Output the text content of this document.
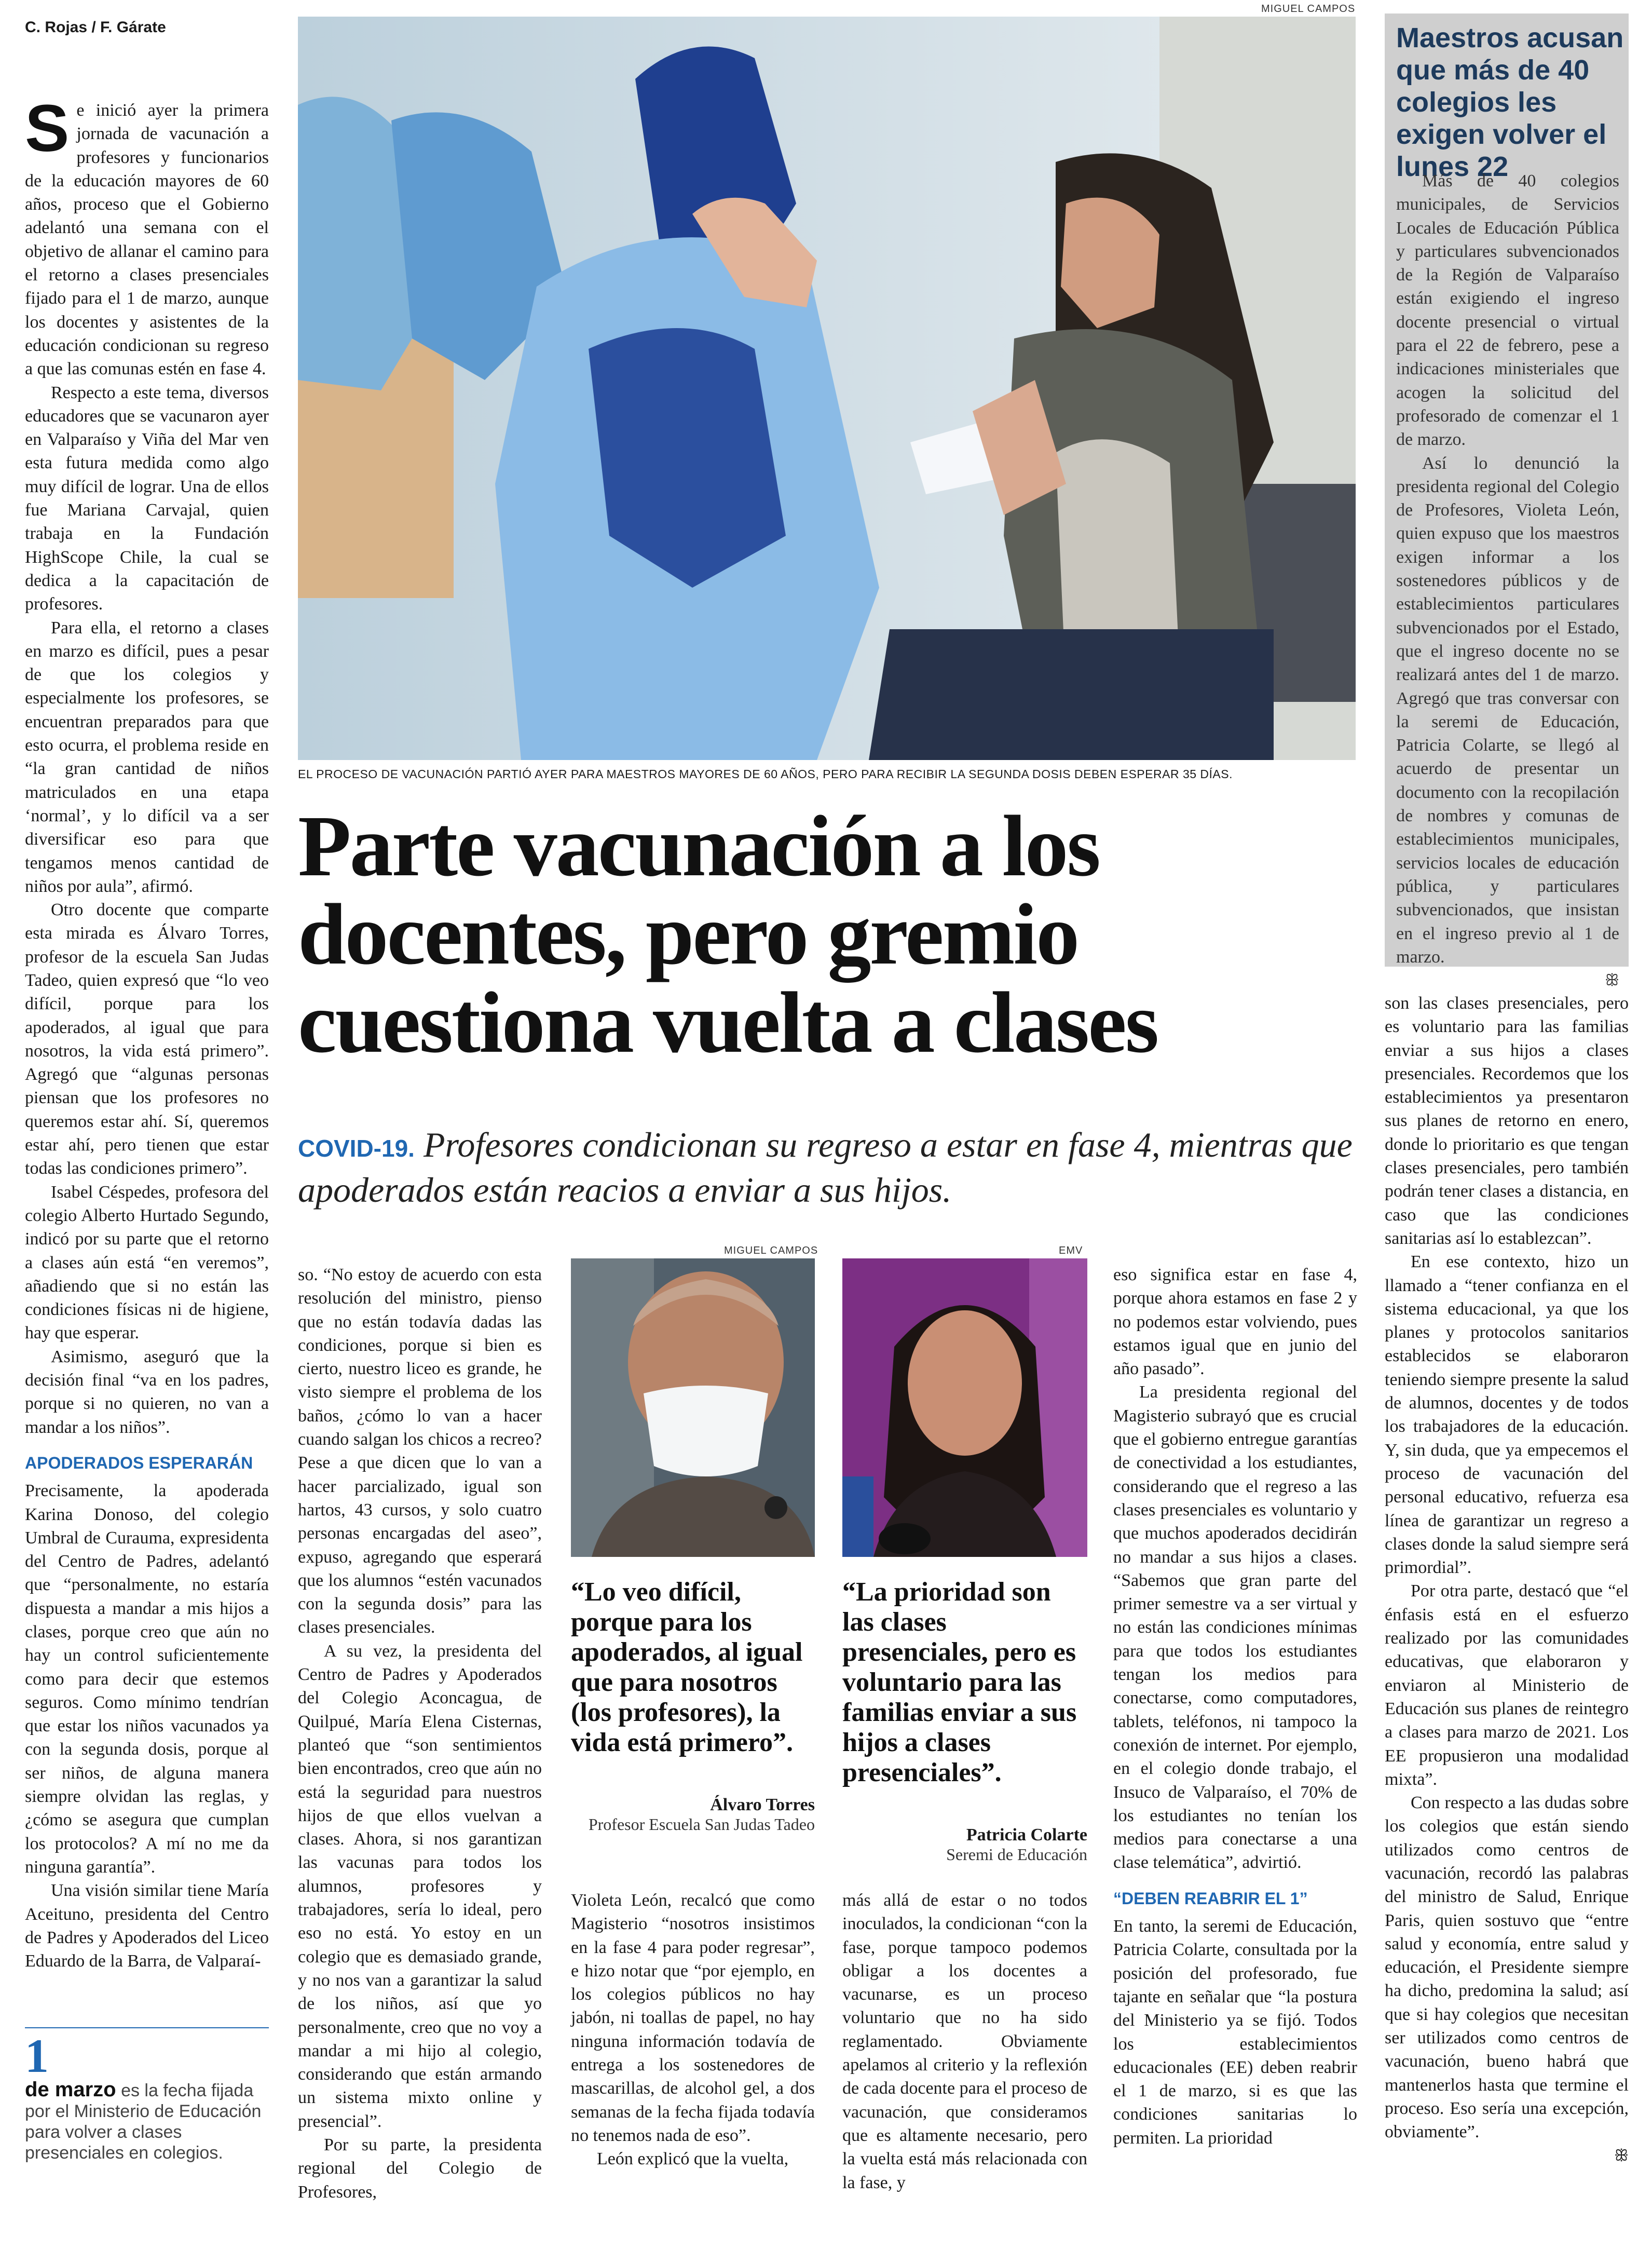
C. Rojas / F. Gárate

Se inició ayer la primera jornada de vacunación a profesores y funcionarios de la educación mayores de 60 años, proceso que el Gobierno adelantó una semana con el objetivo de allanar el camino para el retorno a clases presenciales fijado para el 1 de marzo, aunque los docentes y asistentes de la educación condicionan su regreso a que las comunas estén en fase 4.

Respecto a este tema, diversos educadores que se vacunaron ayer en Valparaíso y Viña del Mar ven esta futura medida como algo muy difícil de lograr. Una de ellos fue Mariana Carvajal, quien trabaja en la Fundación HighScope Chile, la cual se dedica a la capacitación de profesores.

Para ella, el retorno a clases en marzo es difícil, pues a pesar de que los colegios y especialmente los profesores, se encuentran preparados para que esto ocurra, el problema reside en “la gran cantidad de niños matriculados en una etapa ‘normal’, y lo difícil va a ser diversificar eso para que tengamos menos cantidad de niños por aula”, afirmó.

Otro docente que comparte esta mirada es Álvaro Torres, profesor de la escuela San Judas Tadeo, quien expresó que “lo veo difícil, porque para los apoderados, al igual que para nosotros, la vida está primero”. Agregó que “algunas personas piensan que los profesores no queremos estar ahí. Sí, queremos estar ahí, pero tienen que estar todas las condiciones primero”.

Isabel Céspedes, profesora del colegio Alberto Hurtado Segundo, indicó por su parte que el retorno a clases aún está “en veremos”, añadiendo que si no están las condiciones físicas ni de higiene, hay que esperar.

Asimismo, aseguró que la decisión final “va en los padres, porque si no quieren, no van a mandar a los niños”.

APODERADOS ESPERARÁN

Precisamente, la apoderada Karina Donoso, del colegio Umbral de Curauma, expresidenta del Centro de Padres, adelantó que “personalmente, no estaría dispuesta a mandar a mis hijos a clases, porque creo que aún no hay un control suficientemente como para decir que estemos seguros. Como mínimo tendrían que estar los niños vacunados ya con la segunda dosis, porque al ser niños, de alguna manera siempre olvidan las reglas, y ¿cómo se asegura que cumplan los protocolos? A mí no me da ninguna garantía”.

Una visión similar tiene María Aceituno, presidenta del Centro de Padres y Apoderados del Liceo Eduardo de la Barra, de Valparaí-

1
de marzo es la fecha fijada por el Ministerio de Educación para volver a clases presenciales en colegios.
MIGUEL CAMPOS
EL PROCESO DE VACUNACIÓN PARTIÓ AYER PARA MAESTROS MAYORES DE 60 AÑOS, PERO PARA RECIBIR LA SEGUNDA DOSIS DEBEN ESPERAR 35 DÍAS.
Maestros acusan que más de 40 colegios les exigen volver el lunes 22

Más de 40 colegios municipales, de Servicios Locales de Educación Pública y particulares subvencionados de la Región de Valparaíso están exigiendo el ingreso docente presencial o virtual para el 22 de febrero, pese a indicaciones ministeriales que acogen la solicitud del profesorado de comenzar el 1 de marzo.

Así lo denunció la presidenta regional del Colegio de Profesores, Violeta León, quien expuso que los maestros exigen informar a los sostenedores públicos y de establecimientos particulares subvencionados por el Estado, que el ingreso docente no se realizará antes del 1 de marzo. Agregó que tras conversar con la seremi de Educación, Patricia Colarte, se llegó al acuerdo de presentar un documento con la recopilación de nombres y comunas de establecimientos municipales, servicios locales de educación pública, y particulares subvencionados, que insistan en el ingreso previo al 1 de marzo.

ꕥ
Parte vacunación a los docentes, pero gremio cuestiona vuelta a clases
COVID-19. Profesores condicionan su regreso a estar en fase 4, mientras que apoderados están reacios a enviar a sus hijos.

so. “No estoy de acuerdo con esta resolución del ministro, pienso que no están todavía dadas las condiciones, porque si bien es cierto, nuestro liceo es grande, he visto siempre el problema de los baños, ¿cómo lo van a hacer cuando salgan los chicos a recreo? Pese a que dicen que lo van a hacer parcializado, igual son hartos, 43 cursos, y solo cuatro personas encargadas del aseo”, expuso, agregando que esperará que los alumnos “estén vacunados con la segunda dosis” para las clases presenciales.

A su vez, la presidenta del Centro de Padres y Apoderados del Colegio Aconcagua, de Quilpué, María Elena Cisternas, planteó que “son sentimientos bien encontrados, creo que aún no está la seguridad para nuestros hijos de que ellos vuelvan a clases. Ahora, si nos garantizan las vacunas para todos los alumnos, profesores y trabajadores, sería lo ideal, pero eso no está. Yo estoy en un colegio que es demasiado grande, y no nos van a garantizar la salud de los niños, así que yo personalmente, creo que no voy a mandar a mi hijo al colegio, considerando que están armando un sistema mixto online y presencial”.

Por su parte, la presidenta regional del Colegio de Profesores,

MIGUEL CAMPOS
“Lo veo difícil, porque para los apoderados, al igual que para nosotros (los profesores), la vida está primero”.
Álvaro Torres
Profesor Escuela San Judas Tadeo
EMV
“La prioridad son las clases presenciales, pero es voluntario para las familias enviar a sus hijos a clases presenciales”.
Patricia Colarte
Seremi de Educación

Violeta León, recalcó que como Magisterio “nosotros insistimos en la fase 4 para poder regresar”, e hizo notar que “por ejemplo, en los colegios públicos no hay jabón, ni toallas de papel, no hay ninguna información todavía de entrega a los sostenedores de mascarillas, de alcohol gel, a dos semanas de la fecha fijada todavía no tenemos nada de eso”.

León explicó que la vuelta,

más allá de estar o no todos inoculados, la condicionan “con la fase, porque tampoco podemos obligar a los docentes a vacunarse, es un proceso voluntario que no ha sido reglamentado. Obviamente apelamos al criterio y la reflexión de cada docente para el proceso de vacunación, que consideramos que es altamente necesario, pero la vuelta está más relacionada con la fase, y

eso significa estar en fase 4, porque ahora estamos en fase 2 y no podemos estar volviendo, pues estamos igual que en junio del año pasado”.

La presidenta regional del Magisterio subrayó que es crucial que el gobierno entregue garantías de conectividad a los estudiantes, considerando que el regreso a las clases presenciales es voluntario y que muchos apoderados decidirán no mandar a sus hijos a clases. “Sabemos que gran parte del primer semestre va a ser virtual y no están las condiciones mínimas para que todos los estudiantes tengan los medios para conectarse, como computadores, tablets, teléfonos, ni tampoco la conexión de internet. Por ejemplo, en el colegio donde trabajo, el Insuco de Valparaíso, el 70% de los estudiantes no tenían los medios para conectarse a una clase telemática”, advirtió.

“DEBEN REABRIR EL 1”

En tanto, la seremi de Educación, Patricia Colarte, consultada por la posición del profesorado, fue tajante en señalar que “la postura del Ministerio ya se fijó. Todos los establecimientos educacionales (EE) deben reabrir el 1 de marzo, si es que las condiciones sanitarias lo permiten. La prioridad

son las clases presenciales, pero es voluntario para las familias enviar a sus hijos a clases presenciales. Recordemos que los establecimientos ya presentaron sus planes de retorno en enero, donde lo prioritario es que tengan clases presenciales, pero también podrán tener clases a distancia, en caso que las condiciones sanitarias así lo establezcan”.

En ese contexto, hizo un llamado a “tener confianza en el sistema educacional, ya que los planes y protocolos sanitarios establecidos se elaboraron teniendo siempre presente la salud de alumnos, docentes y de todos los trabajadores de la educación. Y, sin duda, que ya empecemos el proceso de vacunación del personal educativo, refuerza esa línea de garantizar un regreso a clases donde la salud siempre será primordial”.

Por otra parte, destacó que “el énfasis está en el esfuerzo realizado por las comunidades educativas, que elaboraron y enviaron al Ministerio de Educación sus planes de reintegro a clases para marzo de 2021. Los EE propusieron una modalidad mixta”.

Con respecto a las dudas sobre los colegios que están siendo utilizados como centros de vacunación, recordó las palabras del ministro de Salud, Enrique Paris, quien sostuvo que “entre salud y economía, entre salud y educación, el Presidente siempre ha dicho, predomina la salud; así que si hay colegios que necesitan ser utilizados como centros de vacunación, bueno habrá que mantenerlos hasta que termine el proceso. Eso sería una excepción, obviamente”.

ꕥ
